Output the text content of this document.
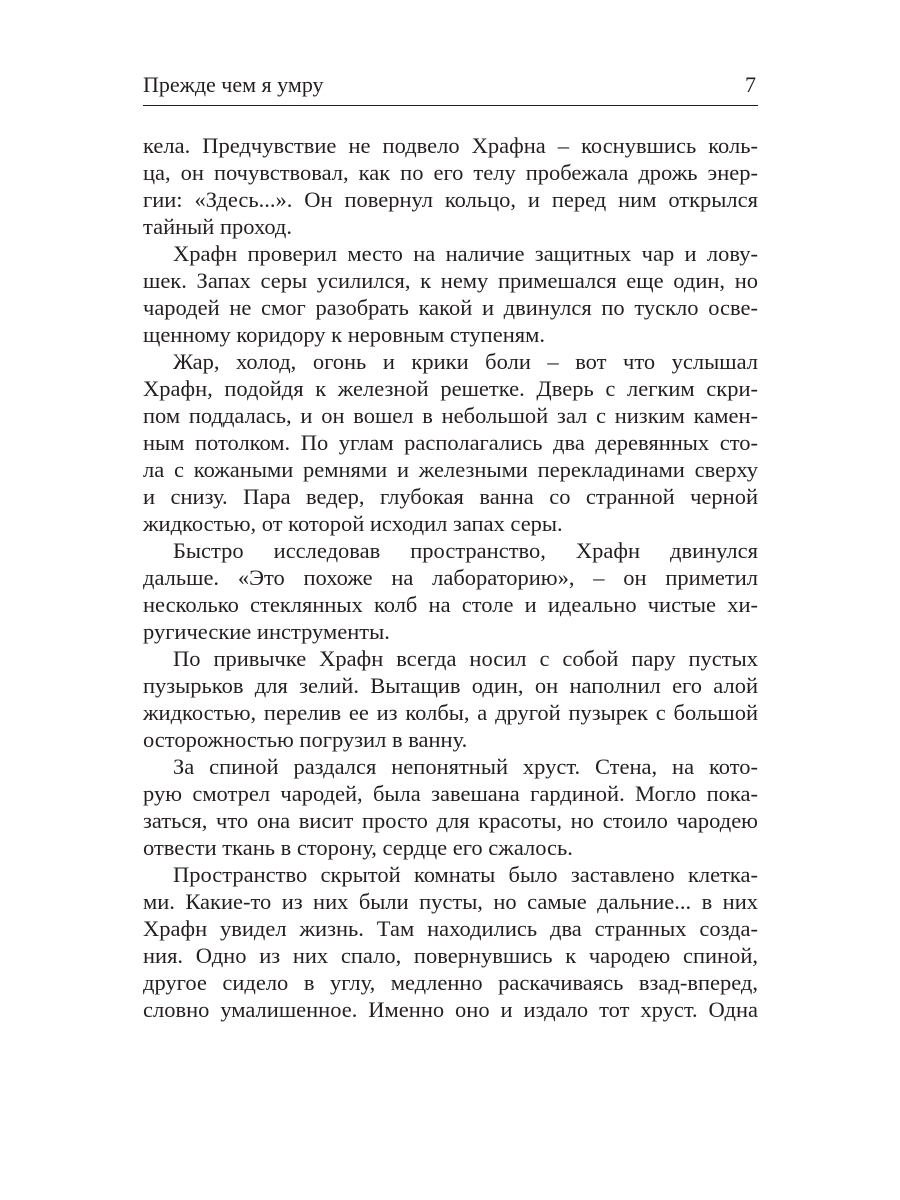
Прежде чем я умру	7
кела. Предчувствие не подвело Храфна – коснувшись коль-
ца, он почувствовал, как по его телу пробежала дрожь энер-
гии: «Здесь...». Он повернул кольцо, и перед ним открылся
тайный проход.
Храфн проверил место на наличие защитных чар и лову-
шек. Запах серы усилился, к нему примешался еще один, но
чародей не смог разобрать какой и двинулся по тускло осве-
щенному коридору к неровным ступеням.
Жар, холод, огонь и крики боли – вот что услышал
Храфн, подойдя к железной решетке. Дверь с легким скри-
пом поддалась, и он вошел в небольшой зал с низким камен-
ным потолком. По углам располагались два деревянных сто-
ла с кожаными ремнями и железными перекладинами сверху
и снизу. Пара ведер, глубокая ванна со странной черной
жидкостью, от которой исходил запах серы.
Быстро исследовав пространство, Храфн двинулся
дальше. «Это похоже на лабораторию», – он приметил
несколько стеклянных колб на столе и идеально чистые хи-
ругические инструменты.
По привычке Храфн всегда носил с собой пару пустых
пузырьков для зелий. Вытащив один, он наполнил его алой
жидкостью, перелив ее из колбы, а другой пузырек с большой
осторожностью погрузил в ванну.
За спиной раздался непонятный хруст. Стена, на кото-
рую смотрел чародей, была завешана гардиной. Могло пока-
заться, что она висит просто для красоты, но стоило чародею
отвести ткань в сторону, сердце его сжалось.
Пространство скрытой комнаты было заставлено клетка-
ми. Какие-то из них были пусты, но самые дальние... в них
Храфн увидел жизнь. Там находились два странных созда-
ния. Одно из них спало, повернувшись к чародею спиной,
другое сидело в углу, медленно раскачиваясь взад-вперед,
словно умалишенное. Именно оно и издало тот хруст. Одна
